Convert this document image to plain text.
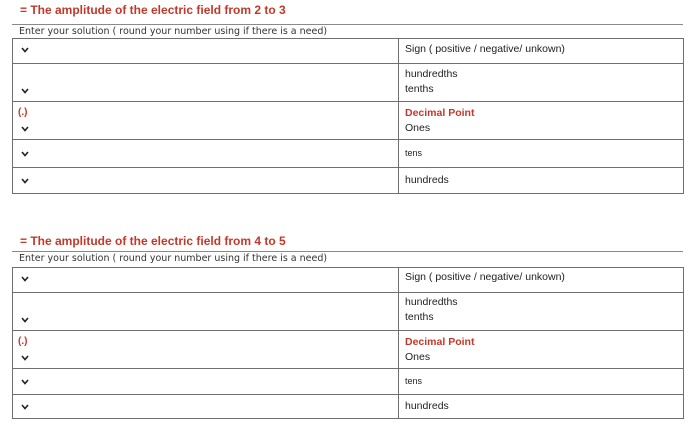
= The amplitude of the electric field from 2 to 3
Enter your solution ( round your number using if there is a need)
Sign ( positive / negative/ unkown)
hundredths
tenths
(.)	Decimal Point
Ones
tens
hundreds
= The amplitude of the electric field from 4 to 5
Enter your solution ( round your number using if there is a need)
Sign ( positive / negative/ unkown)
hundredths
tenths
(.)	Decimal Point
Ones
tens
hundreds
